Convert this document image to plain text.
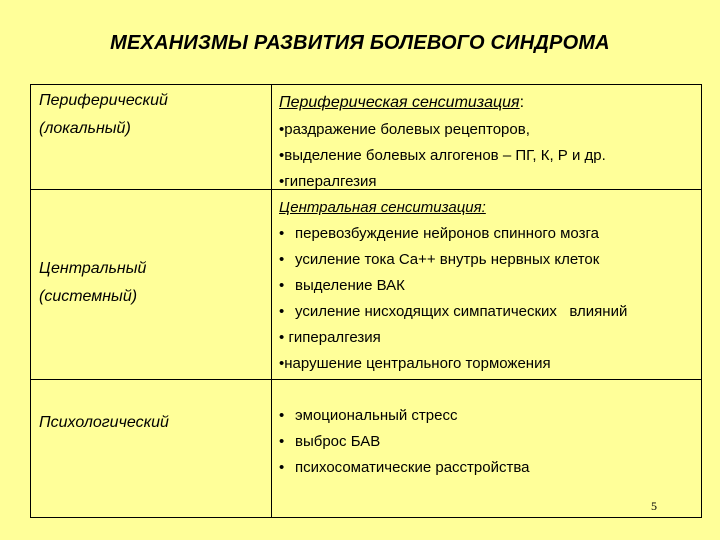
МЕХАНИЗМЫ РАЗВИТИЯ БОЛЕВОГО СИНДРОМА
Периферический
(локальный)
Периферическая сенситизация:
•раздражение болевых рецепторов,
•выделение болевых алгогенов – ПГ, К, Р и др.
•гипералгезия
Центральный
(системный)
Центральная сенситизация:
• перевозбуждение нейронов спинного мозга
• усиление тока Ca++ внутрь нервных клеток
• выделение ВАК
• усиление нисходящих симпатических   влияний
• гипералгезия
•нарушение центрального торможения
Психологический	• эмоциональный стресс
• выброс БАВ
• психосоматические расстройства
5
